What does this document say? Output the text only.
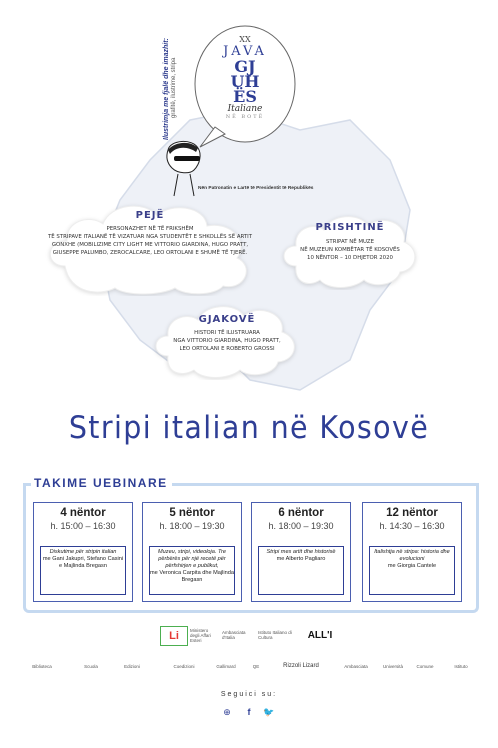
Ilustrimja me fjalë dhe imazhit: grafitë, ilustrime, stripa
XX
JAVA
GJ
UH
ËS
Italiane
NË BOTË
Nën Patronatin e Lartë të Presidentit të Republikës
PEJË
PERSONAZHET NË TË FRIKSHËM
TË STRIPAVE ITALIANË TË VIZATUAR NGA STUDENTËT E SHKOLLËS SË ARTIT
GONXHE (MOBILIZIME CITY LIGHT ME VITTORIO GIARDINA, HUGO PRATT,
GIUSEPPE PALUMBO, ZEROCALCARE, LEO ORTOLANI E SHUMË TË TJERË.
PRISHTINË
STRIPAT NË MUZE
NË MUZEUN KOMBËTAR TË KOSOVËS
10 NËNTOR – 10 DHJETOR 2020
GJAKOVË
HISTORI TË ILUSTRUARA
NGA VITTORIO GIARDINA, HUGO PRATT,
LEO ORTOLANI E ROBERTO GROSSI
Stripi italian në Kosovë
TAKIME UEBINARE
4 nëntor
h. 15:00 – 16:30
Diskutime për stripin italian
me Gani Jakupri, Stefano Casini e Majlinda Bregasn
5 nëntor
h. 18:00 – 19:30
Muzeu, stripi, videoloja. Tre përbërës për një recetë për përfshirjen e publikut,
me Veronica Carpita dhe Majlinda Bregasn
6 nëntor
h. 18:00 – 19:30
Stripi mes artit dhe historisë
me Alberto Pagliaro
12 nëntor
h. 14:30 – 16:30
Italishtja në stripa: historia dhe evolucioni
me Giorgia Cantele
Li	Ministero degli Affari Esteri
Ambasciata d'Italia
Istituto Italiano di Cultura	ALL'I
Biblioteca	Scuola	Edizioni	Coedizioni	Gallimard	QE	Rizzoli Lizard	Ambasciata	Università	Comune	Istituto
Seguici su:
⊕	f	🐦
